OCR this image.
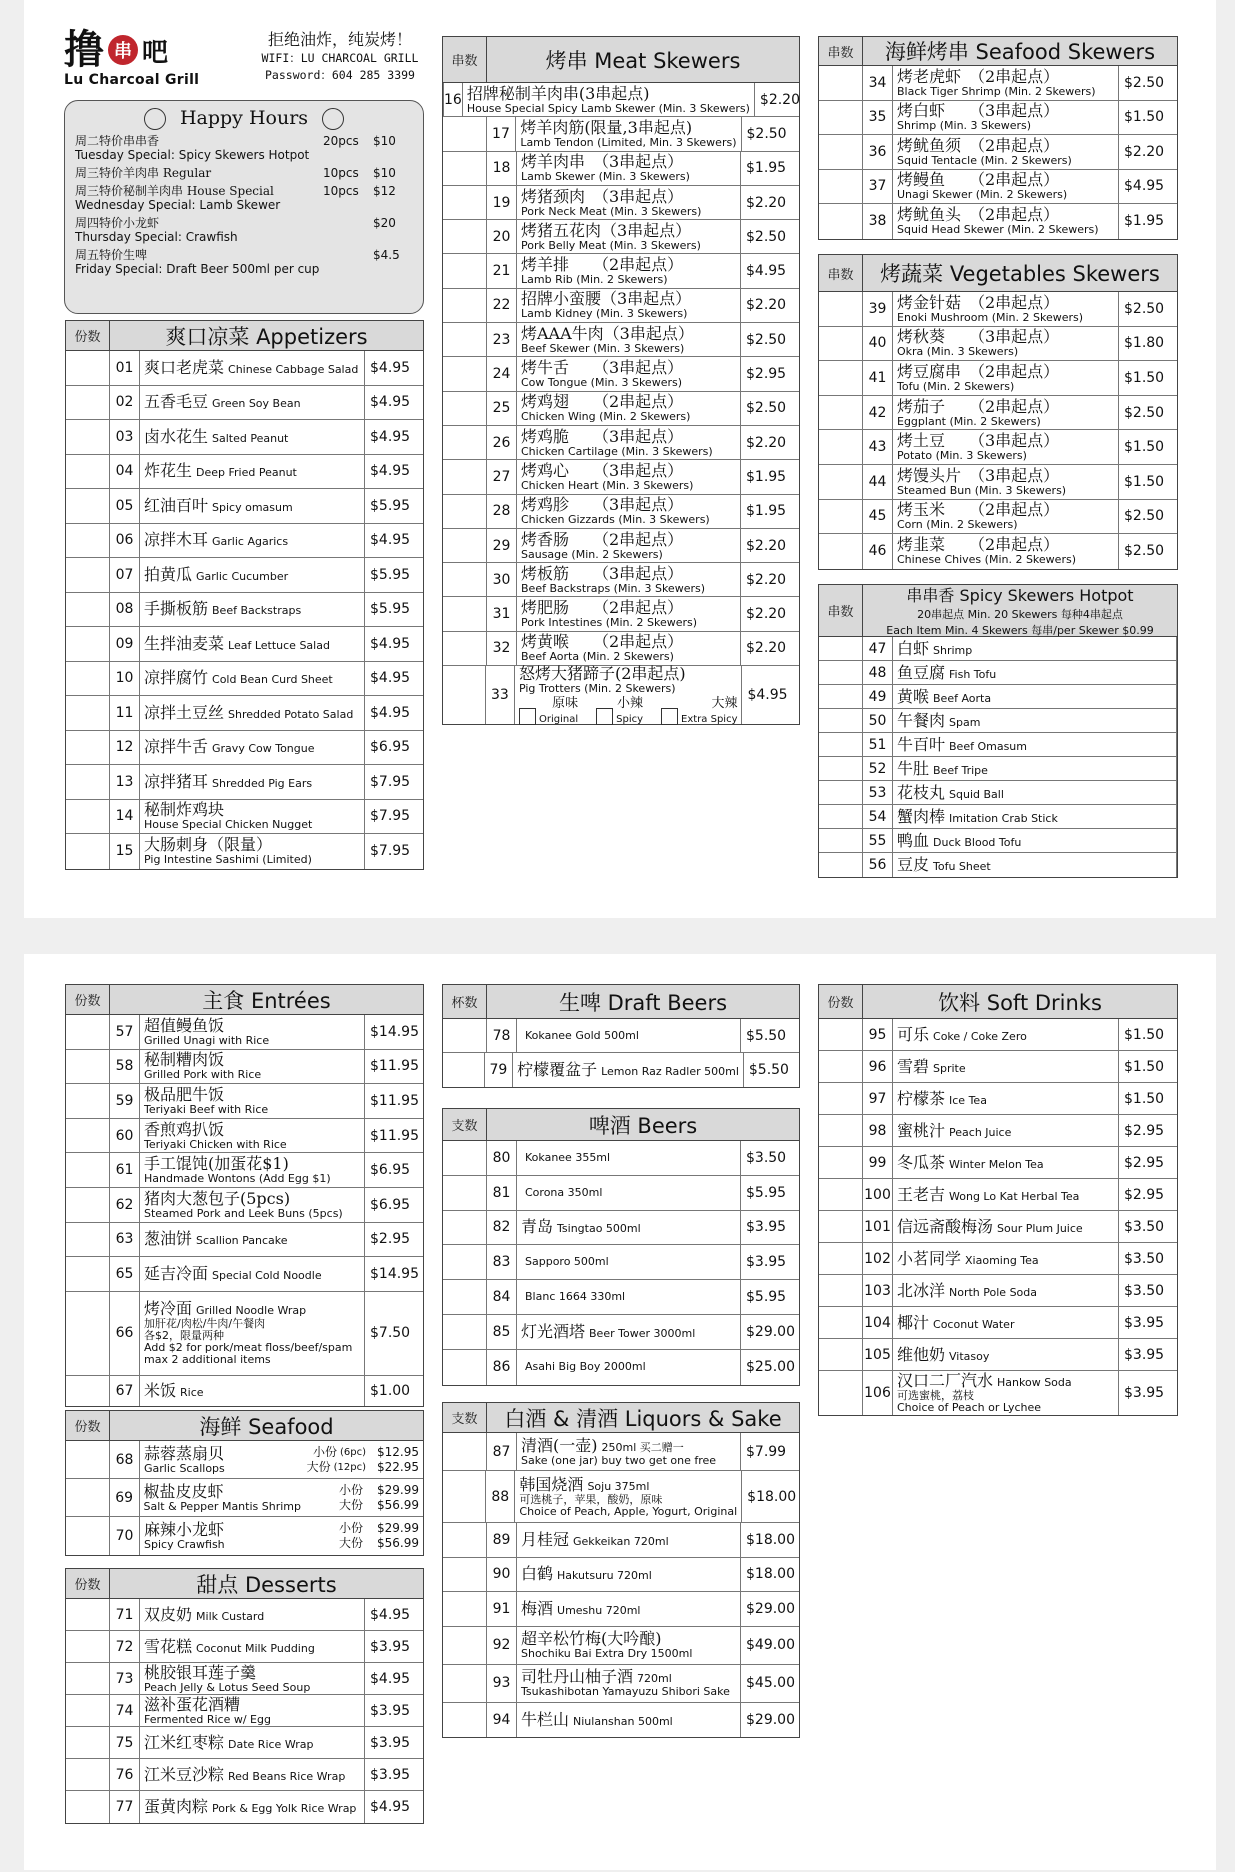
撸 串 吧
Lu Charcoal Grill
拒绝油炸，纯炭烤！
WIFI：LU CHARCOAL GRILL
Password：604 285 3399
Happy Hours
周二特价串串香	20pcs	$10
Tuesday Special: Spicy Skewers Hotpot
周三特价羊肉串 Regular	10pcs	$10
周三特价秘制羊肉串 House Special	10pcs	$12
Wednesday Special: Lamb Skewer
周四特价小龙虾	$20
Thursday Special: Crawfish
周五特价生啤	$4.5
Friday Special: Draft Beer 500ml per cup
份数	爽口凉菜 Appetizers
01 爽口老虎菜 Chinese Cabbage Salad $4.95
02 五香毛豆 Green Soy Bean	$4.95
03 卤水花生 Salted Peanut	$4.95
04 炸花生 Deep Fried Peanut	$4.95
05 红油百叶 Spicy omasum	$5.95
06 凉拌木耳 Garlic Agarics	$4.95
07 拍黄瓜 Garlic Cucumber	$5.95
08 手撕板筋 Beef Backstraps	$5.95
09 生拌油麦菜 Leaf Lettuce Salad	$4.95
10 凉拌腐竹 Cold Bean Curd Sheet	$4.95
11 凉拌土豆丝 Shredded Potato Salad	$4.95
12 凉拌牛舌 Gravy Cow Tongue	$6.95
13 凉拌猪耳 Shredded Pig Ears	$7.95
14 秘制炸鸡块
House Special Chicken Nugget
$7.95
15 大肠刺身（限量）
Pig Intestine Sashimi (Limited)
$7.95
串数	烤串 Meat Skewers
16 招牌秘制羊肉串(3串起点)
House Special Spicy Lamb Skewer (Min. 3 Skewers)
$2.20
17 烤羊肉筋(限量,3串起点)
Lamb Tendon (Limited, Min. 3 Skewers)
$2.50
18 烤羊肉串　（3串起点）
Lamb Skewer (Min. 3 Skewers)
$1.95
19 烤猪颈肉　（3串起点）
Pork Neck Meat (Min. 3 Skewers)
$2.20
20 烤猪五花肉（3串起点）
Pork Belly Meat (Min. 3 Skewers)
$2.50
21 烤羊排　　（2串起点）
Lamb Rib (Min. 2 Skewers)
$4.95
22 招牌小蛮腰（3串起点）
Lamb Kidney (Min. 3 Skewers)
$2.20
23 烤AAA牛肉（3串起点）
Beef Skewer (Min. 3 Skewers)
$2.50
24 烤牛舌　　（3串起点）
Cow Tongue (Min. 3 Skewers)
$2.95
25 烤鸡翅　　（2串起点）
Chicken Wing (Min. 2 Skewers)
$2.50
26 烤鸡脆　　（3串起点）
Chicken Cartilage (Min. 3 Skewers)
$2.20
27 烤鸡心　　（3串起点）
Chicken Heart (Min. 3 Skewers)
$1.95
28 烤鸡胗　　（3串起点）
Chicken Gizzards (Min. 3 Skewers)
$1.95
29 烤香肠　　（2串起点）
Sausage (Min. 2 Skewers)
$2.20
30 烤板筋　　（3串起点）
Beef Backstraps (Min. 3 Skewers)
$2.20
31 烤肥肠　　（2串起点）
Pork Intestines (Min. 2 Skewers)
$2.20
32 烤黄喉　　（2串起点）
Beef Aorta (Min. 2 Skewers)
$2.20
33
怒烤大猪蹄子(2串起点)
Pig Trotters (Min. 2 Skewers)
原味
Original
小辣
Spicy
大辣
Extra Spicy
$4.95
串数	海鲜烤串 Seafood Skewers
34 烤老虎虾　（2串起点）
Black Tiger Shrimp (Min. 2 Skewers)
$2.50
35 烤白虾　　（3串起点）
Shrimp (Min. 3 Skewers)
$1.50
36 烤鱿鱼须　（2串起点）
Squid Tentacle (Min. 2 Skewers)
$2.20
37 烤鳗鱼　　（2串起点）
Unagi Skewer (Min. 2 Skewers)
$4.95
38 烤鱿鱼头　（2串起点）
Squid Head Skewer (Min. 2 Skewers)
$1.95
串数	烤蔬菜 Vegetables Skewers
39 烤金针菇　（2串起点）
Enoki Mushroom (Min. 2 Skewers)
$2.50
40 烤秋葵　　（3串起点）
Okra (Min. 3 Skewers)
$1.80
41 烤豆腐串　（2串起点）
Tofu (Min. 2 Skewers)
$1.50
42 烤茄子　　（2串起点）
Eggplant (Min. 2 Skewers)
$2.50
43 烤土豆　　（3串起点）
Potato (Min. 3 Skewers)
$1.50
44 烤馒头片　（3串起点）
Steamed Bun (Min. 3 Skewers)
$1.50
45 烤玉米　　（2串起点）
Corn (Min. 2 Skewers)
$2.50
46 烤韭菜　　（2串起点）
Chinese Chives (Min. 2 Skewers)
$2.50
串数
串串香 Spicy Skewers Hotpot
20串起点 Min. 20 Skewers 每种4串起点
Each Item Min. 4 Skewers 每串/per Skewer $0.99
47 白虾 Shrimp
48 鱼豆腐 Fish Tofu
49 黄喉 Beef Aorta
50 午餐肉 Spam
51 牛百叶 Beef Omasum
52 牛肚 Beef Tripe
53 花枝丸 Squid Ball
54 蟹肉棒 Imitation Crab Stick
55 鸭血 Duck Blood Tofu
56 豆皮 Tofu Sheet
份数	主食 Entrées
57 超值鳗鱼饭
Grilled Unagi with Rice
$14.95
58 秘制糟肉饭
Grilled Pork with Rice
$11.95
59 极品肥牛饭
Teriyaki Beef with Rice
$11.95
60 香煎鸡扒饭
Teriyaki Chicken with Rice
$11.95
61 手工馄饨(加蛋花$1)
Handmade Wontons (Add Egg $1)
$6.95
62 猪肉大葱包子(5pcs)
Steamed Pork and Leek Buns (5pcs)
$6.95
63 葱油饼 Scallion Pancake	$2.95
65 延吉冷面 Special Cold Noodle	$14.95
66
烤冷面 Grilled Noodle Wrap
加肝花/肉松/牛肉/午餐肉
各$2，限量两种
Add $2 for pork/meat floss/beef/spam
max 2 additional items
$7.50
67 米饭 Rice	$1.00
份数	海鲜 Seafood
68 蒜蓉蒸扇贝
Garlic Scallops
小份 (6pc) $12.95
大份 (12pc) $22.95
69 椒盐皮皮虾
Salt & Pepper Mantis Shrimp
小份	$29.99
大份	$56.99
70 麻辣小龙虾
Spicy Crawfish
小份	$29.99
大份	$56.99
份数	甜点 Desserts
71 双皮奶 Milk Custard	$4.95
72 雪花糕 Coconut Milk Pudding	$3.95
73 桃胶银耳莲子羹
Peach Jelly & Lotus Seed Soup
$4.95
74 滋补蛋花酒糟
Fermented Rice w/ Egg
$3.95
75 江米红枣粽 Date Rice Wrap	$3.95
76 江米豆沙粽 Red Beans Rice Wrap	$3.95
77 蛋黄肉粽 Pork & Egg Yolk Rice Wrap $4.95
杯数	生啤 Draft Beers
78	Kokanee Gold 500ml	$5.50
79 柠檬覆盆子 Lemon Raz Radler 500ml $5.50
支数	啤酒 Beers
80	Kokanee 355ml	$3.50
81	Corona 350ml	$5.95
82 青岛 Tsingtao 500ml	$3.95
83	Sapporo 500ml	$3.95
84	Blanc 1664 330ml	$5.95
85 灯光酒塔 Beer Tower 3000ml	$29.00
86	Asahi Big Boy 2000ml	$25.00
支数	白酒 & 清酒 Liquors & Sake
87 清酒(一壶) 250ml 买二赠一
Sake (one jar) buy two get one free
$7.99
88
韩国烧酒 Soju 375ml
可选桃子，苹果，酸奶，原味
Choice of Peach, Apple, Yogurt, Original
$18.00
89 月桂冠 Gekkeikan 720ml	$18.00
90 白鹤 Hakutsuru 720ml	$18.00
91 梅酒 Umeshu 720ml	$29.00
92 超辛松竹梅(大吟酿)
Shochiku Bai Extra Dry 1500ml
$49.00
93 司牡丹山柚子酒 720ml
Tsukashibotan Yamayuzu Shibori Sake
$45.00
94 牛栏山 Niulanshan 500ml	$29.00
份数	饮料 Soft Drinks
95 可乐 Coke / Coke Zero	$1.50
96 雪碧 Sprite	$1.50
97 柠檬茶 Ice Tea	$1.50
98 蜜桃汁 Peach Juice	$2.95
99 冬瓜茶 Winter Melon Tea	$2.95
100 王老吉 Wong Lo Kat Herbal Tea	$2.95
101 信远斋酸梅汤 Sour Plum Juice	$3.50
102 小茗同学 Xiaoming Tea	$3.50
103 北冰洋 North Pole Soda	$3.50
104 椰汁 Coconut Water	$3.95
105 维他奶 Vitasoy	$3.95
106
汉口二厂汽水 Hankow Soda
可选蜜桃，荔枝
Choice of Peach or Lychee
$3.95
